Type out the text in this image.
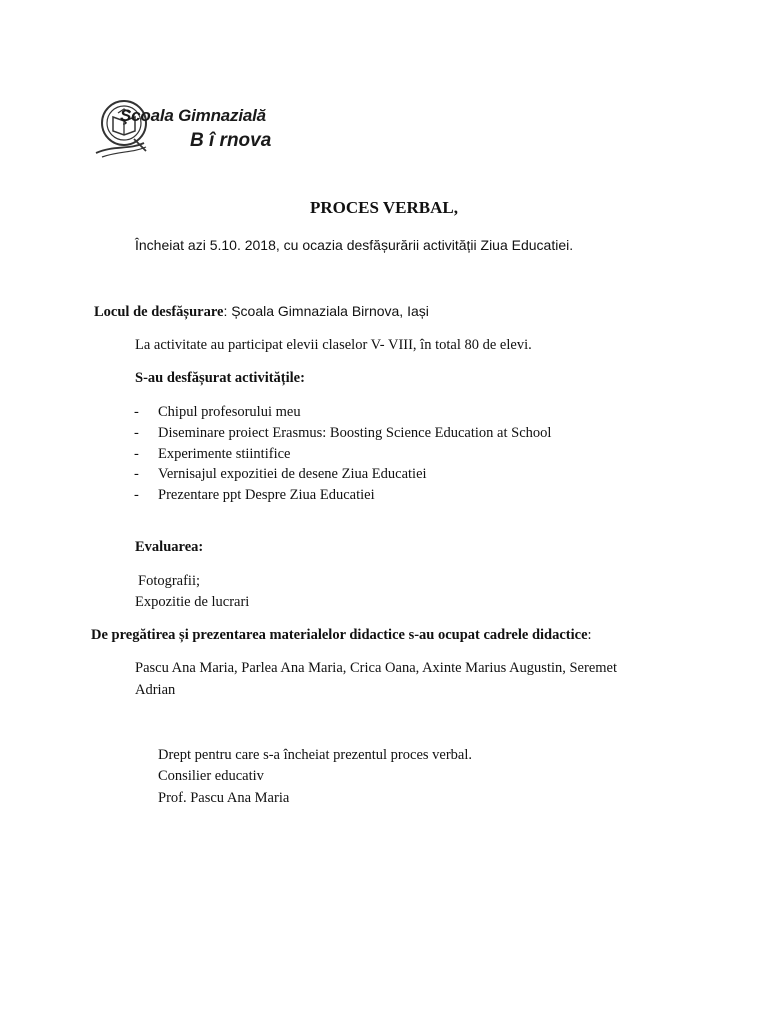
Şcoala Gimnazială
B î rnova
PROCES VERBAL,
Încheiat azi 5.10. 2018, cu ocazia desfășurării activității Ziua Educatiei.
Locul de desfășurare: Școala Gimnaziala Birnova, Iași
La activitate au participat elevii claselor V- VIII, în total 80 de elevi.
S-au desfășurat activitățile:
- Chipul profesorului meu
- Diseminare proiect Erasmus: Boosting Science Education at School
- Experimente stiintifice
- Vernisajul expozitiei de desene Ziua Educatiei
- Prezentare ppt Despre Ziua Educatiei
Evaluarea:
Fotografii;
Expozitie de lucrari
De pregătirea și prezentarea materialelor didactice s-au ocupat cadrele didactice:
Pascu Ana Maria, Parlea Ana Maria, Crica Oana, Axinte Marius Augustin, Seremet
Adrian
Drept pentru care s-a încheiat prezentul proces verbal.
Consilier educativ
Prof. Pascu Ana Maria
